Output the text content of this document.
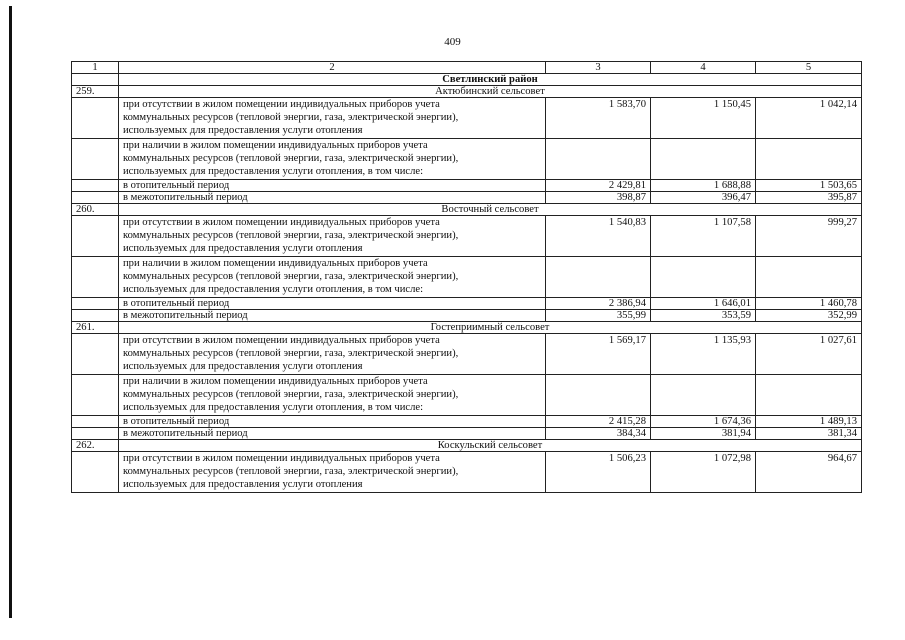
409
1	2	3	4	5
	Светлинский район			
259.	Актюбинский сельсовет			

	при отсутствии в жилом помещении индивидуальных приборов учета
коммунальных ресурсов (тепловой энергии, газа, электрической энергии),
используемых для предоставления услуги отопления	1 583,70	1 150,45	1 042,14

	при наличии в жилом помещении индивидуальных приборов учета
коммунальных ресурсов (тепловой энергии, газа, электрической энергии),
используемых для предоставления услуги отопления, в том числе:			

	в отопительный период	2 429,81	1 688,88	1 503,65

	в межотопительный период	398,87	396,47	395,87
260.	Восточный сельсовет			

	при отсутствии в жилом помещении индивидуальных приборов учета
коммунальных ресурсов (тепловой энергии, газа, электрической энергии),
используемых для предоставления услуги отопления	1 540,83	1 107,58	999,27

	при наличии в жилом помещении индивидуальных приборов учета
коммунальных ресурсов (тепловой энергии, газа, электрической энергии),
используемых для предоставления услуги отопления, в том числе:			

	в отопительный период	2 386,94	1 646,01	1 460,78

	в межотопительный период	355,99	353,59	352,99
261.	Гостеприимный сельсовет			

	при отсутствии в жилом помещении индивидуальных приборов учета
коммунальных ресурсов (тепловой энергии, газа, электрической энергии),
используемых для предоставления услуги отопления	1 569,17	1 135,93	1 027,61

	при наличии в жилом помещении индивидуальных приборов учета
коммунальных ресурсов (тепловой энергии, газа, электрической энергии),
используемых для предоставления услуги отопления, в том числе:			

	в отопительный период	2 415,28	1 674,36	1 489,13

	в межотопительный период	384,34	381,94	381,34
262.	Коскульский сельсовет			

	при отсутствии в жилом помещении индивидуальных приборов учета
коммунальных ресурсов (тепловой энергии, газа, электрической энергии),
используемых для предоставления услуги отопления	1 506,23	1 072,98	964,67
